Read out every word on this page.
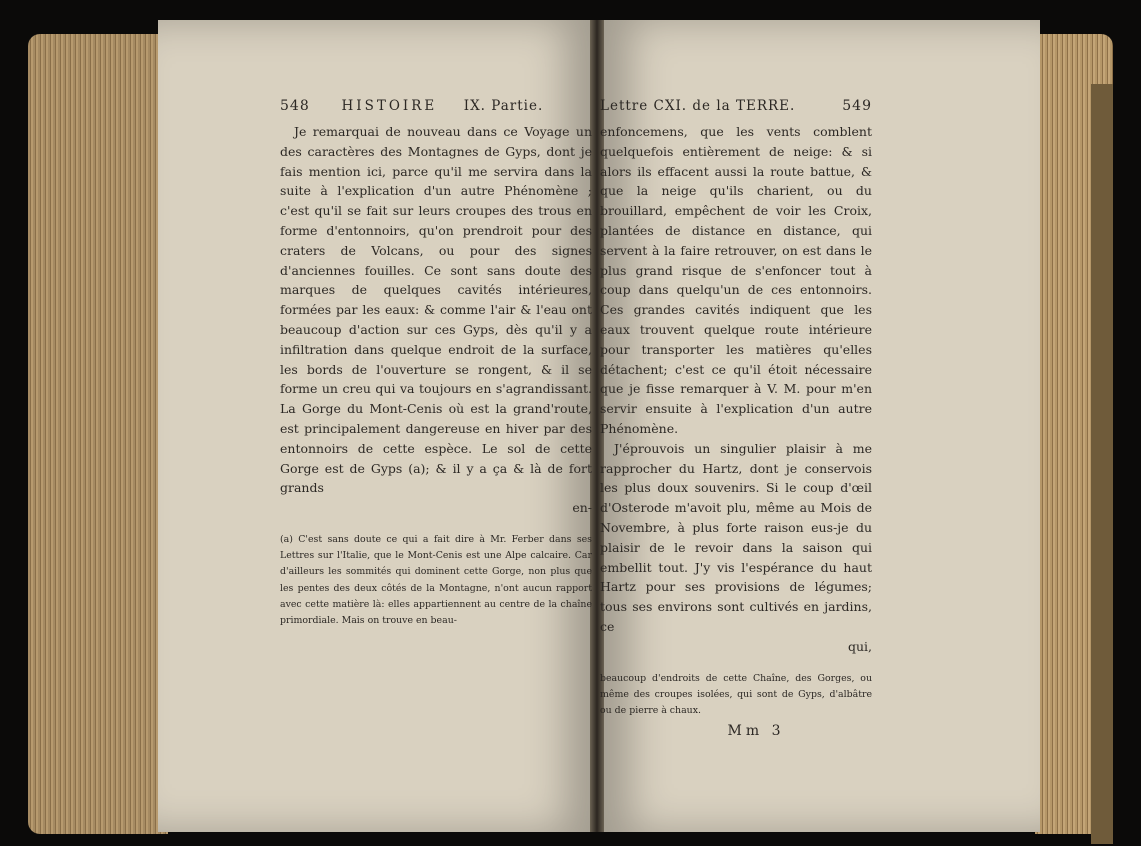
548 HISTOIRE IX. Partie.

Je remarquai de nouveau dans ce Voyage un des caractères des Montagnes de Gyps, dont je fais mention ici, parce qu'il me servira dans la suite à l'explication d'un autre Phénomène ; c'est qu'il se fait sur leurs croupes des trous en forme d'entonnoirs, qu'on prendroit pour des craters de Volcans, ou pour des signes d'anciennes fouilles. Ce sont sans doute des marques de quelques cavités intérieures, formées par les eaux: & comme l'air & l'eau ont beaucoup d'action sur ces Gyps, dès qu'il y a infiltration dans quelque endroit de la surface, les bords de l'ouverture se rongent, & il se forme un creu qui va toujours en s'agrandissant. La Gorge du Mont-Cenis où est la grand'route, est principalement dangereuse en hiver par des entonnoirs de cette espèce. Le sol de cette Gorge est de Gyps (a); & il y a ça & là de fort grands

en-

(a) C'est sans doute ce qui a fait dire à Mr. Ferber dans ses Lettres sur l'Italie, que le Mont-Cenis est une Alpe calcaire. Car d'ailleurs les sommités qui dominent cette Gorge, non plus que les pentes des deux côtés de la Montagne, n'ont aucun rapport avec cette matière là: elles appartiennent au centre de la chaîne primordiale. Mais on trouve en beau-

Lettre CXI. de la TERRE.	549

enfoncemens, que les vents comblent quelquefois entièrement de neige: & si alors ils effacent aussi la route battue, & que la neige qu'ils charient, ou du brouillard, empêchent de voir les Croix, plantées de distance en distance, qui servent à la faire retrouver, on est dans le plus grand risque de s'enfoncer tout à coup dans quelqu'un de ces entonnoirs. Ces grandes cavités indiquent que les eaux trouvent quelque route intérieure pour transporter les matières qu'elles détachent; c'est ce qu'il étoit nécessaire que je fisse remarquer à V. M. pour m'en servir ensuite à l'explication d'un autre Phénomène.

J'éprouvois un singulier plaisir à me rapprocher du Hartz, dont je conservois les plus doux souvenirs. Si le coup d'œil d'Osterode m'avoit plu, même au Mois de Novembre, à plus forte raison eus-je du plaisir de le revoir dans la saison qui embellit tout. J'y vis l'espérance du haut Hartz pour ses provisions de légumes; tous ses environs sont cultivés en jardins, ce

qui,

beaucoup d'endroits de cette Chaîne, des Gorges, ou même des croupes isolées, qui sont de Gyps, d'albâtre ou de pierre à chaux.

Mm 3
